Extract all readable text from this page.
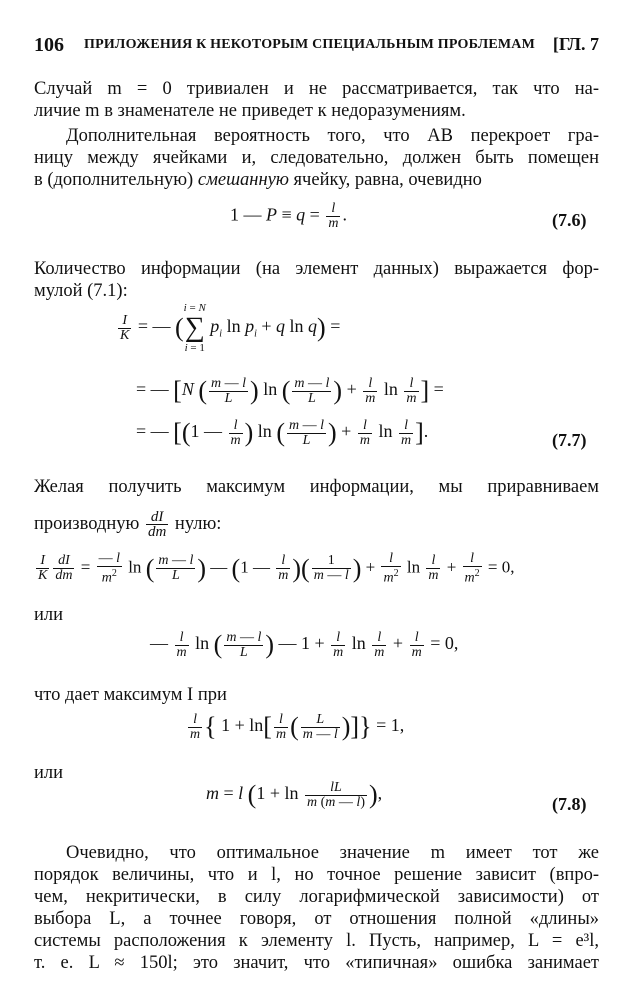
106 ПРИЛОЖЕНИЯ К НЕКОТОРЫМ СПЕЦИАЛЬНЫМ ПРОБЛЕМАМ [ГЛ. 7
Случай m = 0 тривиален и не рассматривается, так что на-
личие m в знаменателе не приведет к недоразумениям.
Дополнительная вероятность того, что AB перекроет гра-
ницу между ячейками и, следовательно, должен быть помещен
в (дополнительную) смешанную ячейку, равна, очевидно
1 — $P \equiv q = \frac{l}{m}$ .	(7.6)
Количество информации (на элемент данных) выражается фор-
мулой (7.1):
$\frac{I}{K}$ = — (i = N
∑
i = 1 $p_i$ $\ln p_i + q$ ln q) =
= — [N ( $\frac{m — l}{L}$ ) ln ( $\frac{m — l}{L}$ ) + $\frac{l}{m}$ $\ln \frac{l}{m}$ ] =
= — [(1 — $\frac{l}{m}$ ) ln ( $\frac{m — l}{L}$ ) + $\frac{l}{m}$ $\ln \frac{l}{m}$ ].	(7.7)
Желая получить максимум информации, мы приравниваем
производную $\frac{dI}{dm}$ нулю:
$\frac{I}{K} \frac{dI}{dm} = \frac{— l}{m^2}$ ln ( $\frac{m — l}{L}$ ) — (1 — $\frac{l}{m}$ )( $\frac{1}{m — l}$ ) + $\frac{l}{m^2}$ $\ln \frac{l}{m} + \frac{l}{m^2} = 0$,
или
— $\frac{l}{m}$ ln ( $\frac{m — l}{L}$ ) — $1 + \frac{l}{m}$ $\ln \frac{l}{m} + \frac{l}{m} = 0$,
что дает максимум I при
$\frac{l}{m}$ { $1 + \ln[ \frac{l}{m}$ ( $\frac{L}{m — l}$ )]} = 1,
или
m = l ($1 + \ln \frac{lL}{m (m — l)}$ ),
(7.8)
Очевидно, что оптимальное значение m имеет тот же
порядок величины, что и l, но точное решение зависит (впро-
чем, некритически, в силу логарифмической зависимости) от
выбора L, а точнее говоря, от отношения полной «длины»
системы расположения к элементу l. Пусть, например, L = e³l,
т. е. L ≈ 150l; это значит, что «типичная» ошибка занимает
